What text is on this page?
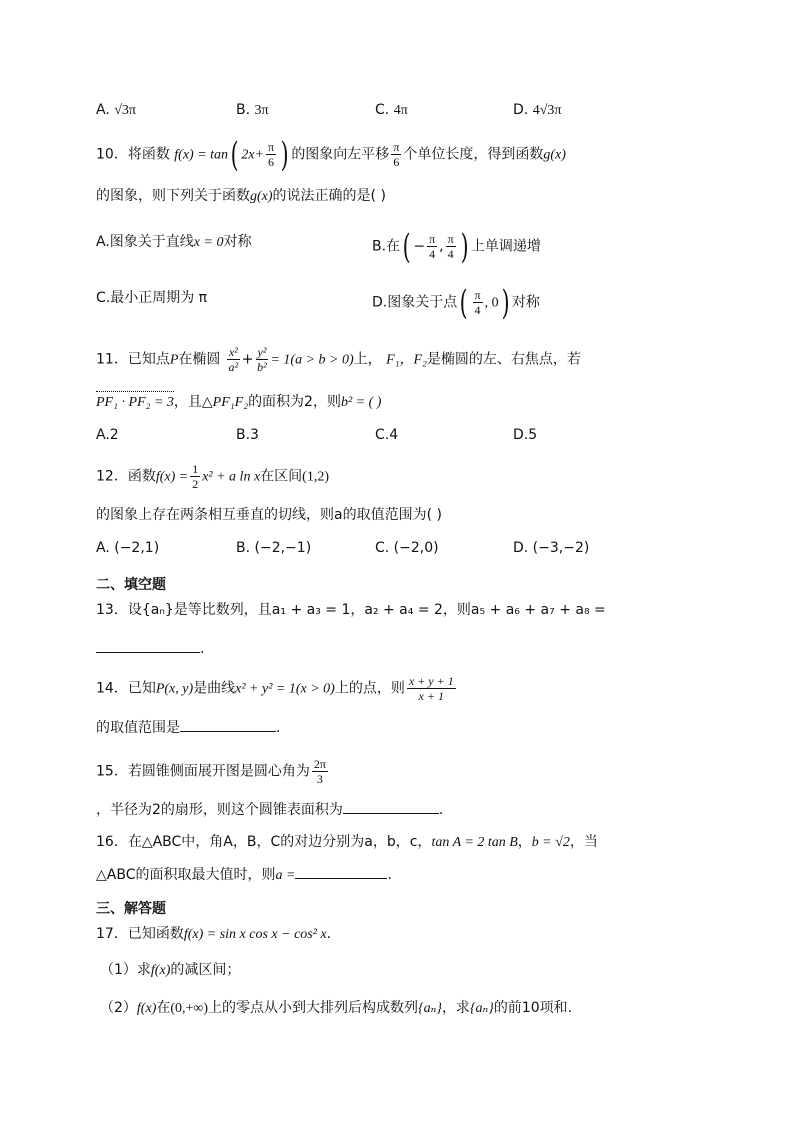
A. √3π	B. 3π	C. 4π	D. 4√3π
10．将函数 f(x) = tan( $2x+ \frac{\pi}{6}$ ) 的图象向左平移 $\frac{\pi}{6}$ 个单位长度，得到函数g(x)
的图象，则下列关于函数g(x)的说法正确的是( )
A.图象关于直线x = 0对称	B.在( − $\frac{\pi}{4}$ , $\frac{\pi}{4}$ ) 上单调递增
C.最小正周期为 π	D.图象关于点( $\frac{\pi}{4}$ , 0) 对称
11．已知点P在椭圆 $\frac{\text{x²}}{\text{a²}} + \frac{\text{y²}}{\text{b²}} = 1(a > b > 0)$上， F₁，F₂是椭圆的左、右焦点，若
PF₁ · PF₂ = 3，且△PF₁F₂的面积为2，则b² = ( )
A.2	B.3	C.4	D.5
12．函数$f(x) = \frac{1}{2} x^2 + a$ ln x在区间(1,2)
的图象上存在两条相互垂直的切线，则a的取值范围为( )
A. (−2,1)	B. (−2,−1)	C. (−2,0)	D. (−3,−2)
二、填空题
13．设{aₙ}是等比数列，且a₁ + a₃ = 1，a₂ + a₄ = 2，则a₅ + a₆ + a₇ + a₈ =
.
14．已知P(x, y)是曲线x² + y² = 1(x > 0)上的点，则 $\frac{x + y + 1}{x + 1}$
的取值范围是	.
15．若圆锥侧面展开图是圆心角为 $\frac{2\pi}{3}$
，半径为2的扇形，则这个圆锥表面积为	.
16．在△ABC中，角A，B，C的对边分别为a，b，c，tan A = 2 tan B，b = √2，当
△ABC的面积取最大值时，则a =	.
三、解答题
17．已知函数f(x) = sin x cos x − cos² x.
（1）求f(x)的减区间；
（2）f(x)在(0,+∞)上的零点从小到大排列后构成数列{aₙ}，求{aₙ}的前10项和.
